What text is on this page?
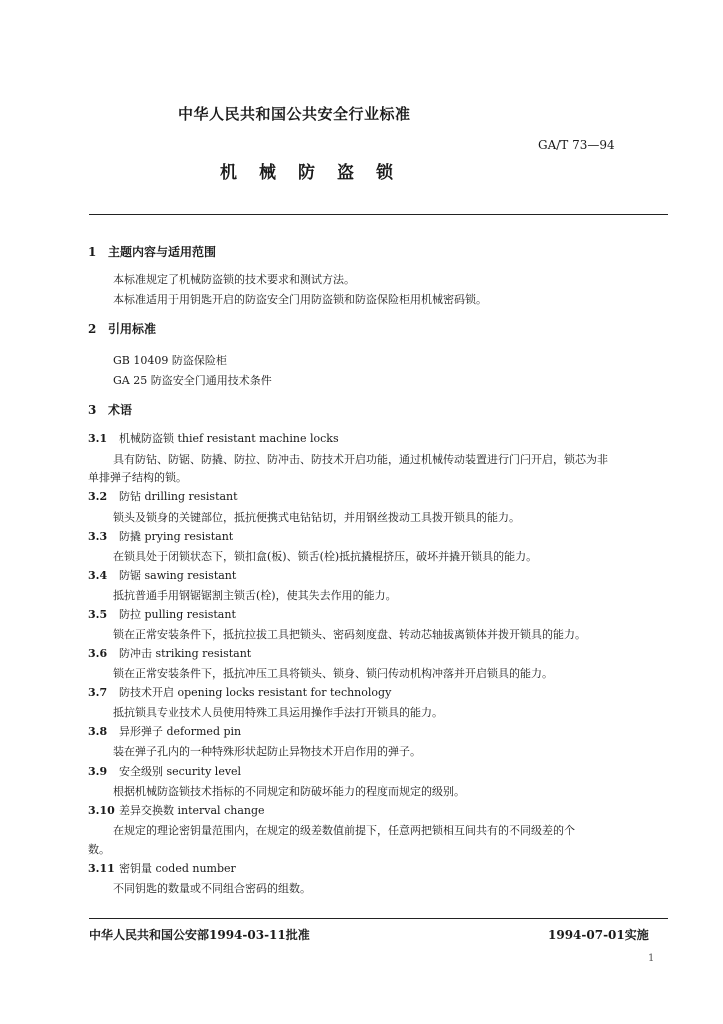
中华人民共和国公共安全行业标准
GA/T 73—94
机械防盗锁
1 主题内容与适用范围
本标准规定了机械防盗锁的技术要求和测试方法。
本标准适用于用钥匙开启的防盗安全门用防盗锁和防盗保险柜用机械密码锁。
2 引用标准
GB 10409 防盗保险柜
GA 25 防盗安全门通用技术条件
3 术语
3.1 机械防盗锁 thief resistant machine locks
具有防钻、防锯、防撬、防拉、防冲击、防技术开启功能，通过机械传动装置进行门闩开启，锁芯为非
单排弹子结构的锁。
3.2 防钻 drilling resistant
锁头及锁身的关键部位，抵抗便携式电钻钻切，并用钢丝拨动工具拨开锁具的能力。
3.3 防撬 prying resistant
在锁具处于闭锁状态下，锁扣盒(板)、锁舌(栓)抵抗撬棍挤压，破坏并撬开锁具的能力。
3.4 防锯 sawing resistant
抵抗普通手用钢锯锯割主锁舌(栓)，使其失去作用的能力。
3.5 防拉 pulling resistant
锁在正常安装条件下，抵抗拉拔工具把锁头、密码刻度盘、转动芯轴拔离锁体并拨开锁具的能力。
3.6 防冲击 striking resistant
锁在正常安装条件下，抵抗冲压工具将锁头、锁身、锁闩传动机构冲落并开启锁具的能力。
3.7 防技术开启 opening locks resistant for technology
抵抗锁具专业技术人员使用特殊工具运用操作手法打开锁具的能力。
3.8 异形弹子 deformed pin
装在弹子孔内的一种特殊形状起防止异物技术开启作用的弹子。
3.9 安全级别 security level
根据机械防盗锁技术指标的不同规定和防破坏能力的程度而规定的级别。
3.10 差异交换数 interval change
在规定的理论密钥量范围内，在规定的级差数值前提下，任意两把锁相互间共有的不同级差的个
数。
3.11 密钥量 coded number
不同钥匙的数量或不同组合密码的组数。
中华人民共和国公安部1994-03-11批准	1994-07-01实施
1
